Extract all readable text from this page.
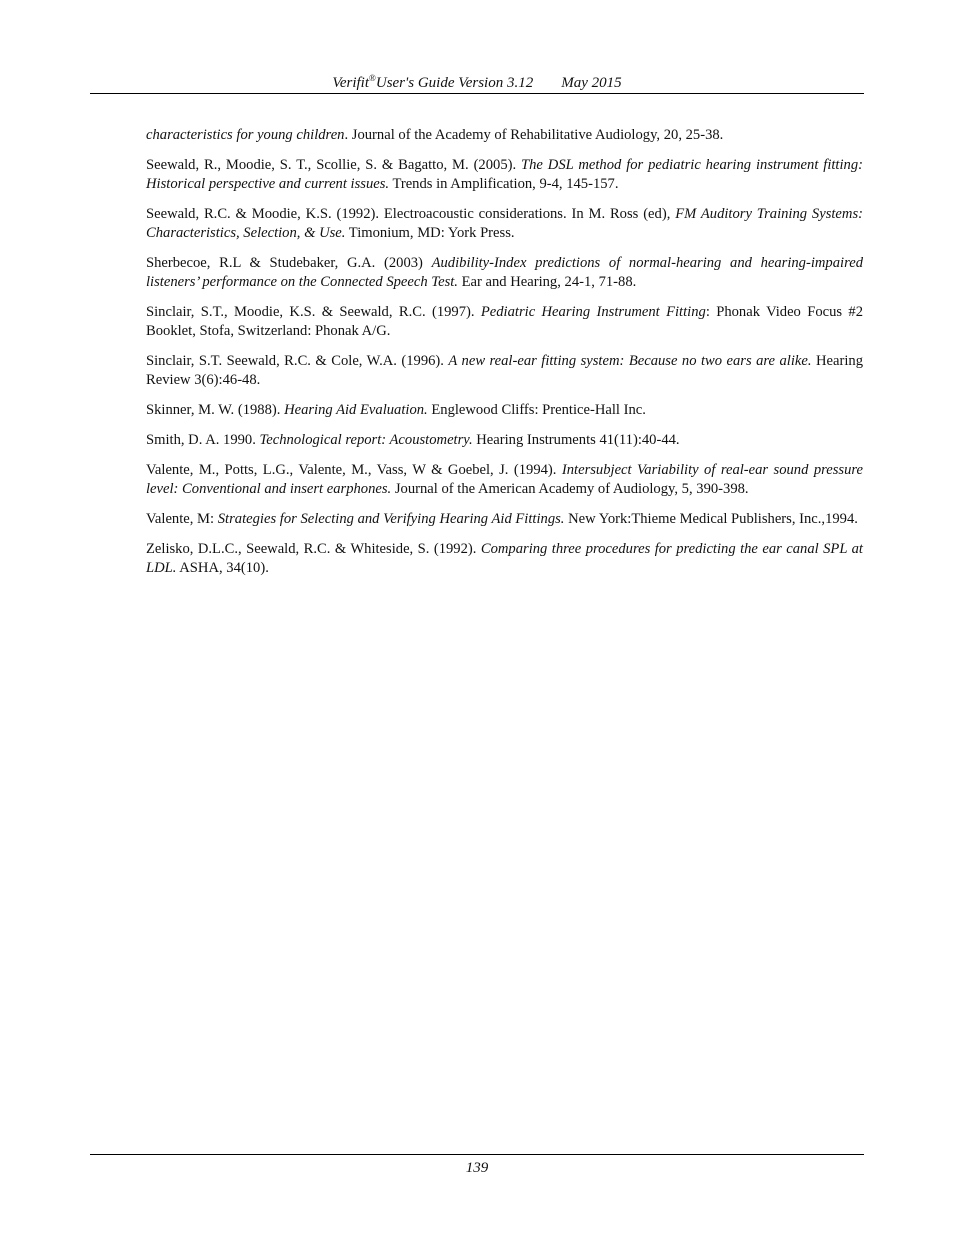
Verifit®User's Guide Version 3.12 May 2015

characteristics for young children. Journal of the Academy of Rehabilitative Audiology, 20, 25-38.

Seewald, R., Moodie, S. T., Scollie, S. & Bagatto, M. (2005). The DSL method for pediatric hearing instrument fitting: Historical perspective and current issues. Trends in Amplification, 9-4, 145-157.

Seewald, R.C. & Moodie, K.S. (1992). Electroacoustic considerations. In M. Ross (ed), FM Auditory Training Systems: Characteristics, Selection, & Use. Timonium, MD: York Press.

Sherbecoe, R.L & Studebaker, G.A. (2003) Audibility-Index predictions of normal-hearing and hearing-impaired listeners’ performance on the Connected Speech Test. Ear and Hearing, 24-1, 71-88.

Sinclair, S.T., Moodie, K.S. & Seewald, R.C. (1997). Pediatric Hearing Instrument Fitting: Phonak Video Focus #2 Booklet, Stofa, Switzerland: Phonak A/G.

Sinclair, S.T. Seewald, R.C. & Cole, W.A. (1996). A new real-ear fitting system: Because no two ears are alike. Hearing Review 3(6):46-48.

Skinner, M. W. (1988). Hearing Aid Evaluation. Englewood Cliffs: Prentice-Hall Inc.

Smith, D. A. 1990. Technological report: Acoustometry. Hearing Instruments 41(11):40-44.

Valente, M., Potts, L.G., Valente, M., Vass, W & Goebel, J. (1994). Intersubject Variability of real-ear sound pressure level: Conventional and insert earphones. Journal of the American Academy of Audiology, 5, 390-398.

Valente, M: Strategies for Selecting and Verifying Hearing Aid Fittings. New York:Thieme Medical Publishers, Inc.,1994.

Zelisko, D.L.C., Seewald, R.C. & Whiteside, S. (1992). Comparing three procedures for predicting the ear canal SPL at LDL. ASHA, 34(10).

139
